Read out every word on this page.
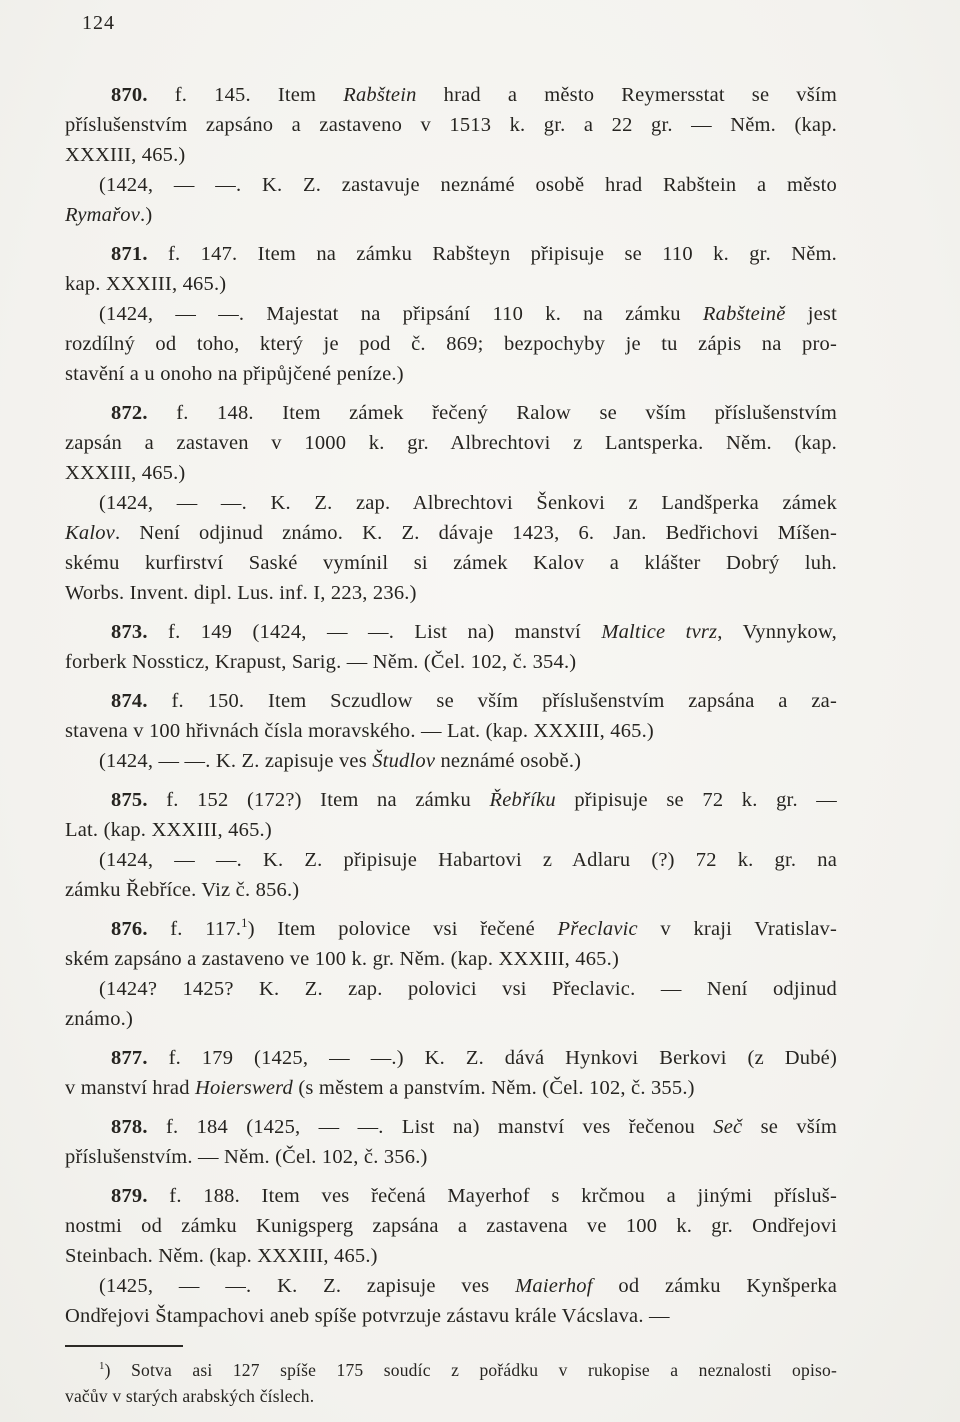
124

870. f. 145. Item Rabštein hrad a město Reymersstat se vším
příslušenstvím zapsáno a zastaveno v 1513 k. gr. a 22 gr. — Něm. (kap.
XXXIII, 465.)

(1424, — —. K. Z. zastavuje neznámé osobě hrad Rabštein a město
Rymařov.)

871. f. 147. Item na zámku Rabšteyn připisuje se 110 k. gr. Něm.
kap. XXXIII, 465.)

(1424, — —. Majestat na připsání 110 k. na zámku Rabšteině jest
rozdílný od toho, který je pod č. 869; bezpochyby je tu zápis na pro-
stavění a u onoho na připůjčené peníze.)

872. f. 148. Item zámek řečený Ralow se vším příslušenstvím
zapsán a zastaven v 1000 k. gr. Albrechtovi z Lantsperka. Něm. (kap.
XXXIII, 465.)

(1424, — —. K. Z. zap. Albrechtovi Šenkovi z Landšperka zámek
Kalov. Není odjinud známo. K. Z. dávaje 1423, 6. Jan. Bedřichovi Míšen-
skému kurfirství Saské vymínil si zámek Kalov a klášter Dobrý luh.
Worbs. Invent. dipl. Lus. inf. I, 223, 236.)

873. f. 149 (1424, — —. List na) manství Maltice tvrz, Vynnykow,
forberk Nossticz, Krapust, Sarig. — Něm. (Čel. 102, č. 354.)

874. f. 150. Item Sczudlow se vším příslušenstvím zapsána a za-
stavena v 100 hřivnách čísla moravského. — Lat. (kap. XXXIII, 465.)

(1424, — —. K. Z. zapisuje ves Študlov neznámé osobě.)

875. f. 152 (172?) Item na zámku Řebříku připisuje se 72 k. gr. —
Lat. (kap. XXXIII, 465.)

(1424, — —. K. Z. připisuje Habartovi z Adlaru (?) 72 k. gr. na
zámku Řebříce. Viz č. 856.)

876. f. 117.$^1$) Item polovice vsi řečené Přeclavic v kraji Vratislav-
ském zapsáno a zastaveno ve 100 k. gr. Něm. (kap. XXXIII, 465.)

(1424? 1425? K. Z. zap. polovici vsi Přeclavic. — Není odjinud
známo.)

877. f. 179 (1425, — —.) K. Z. dává Hynkovi Berkovi (z Dubé)
v manství hrad Hoierswerd (s městem a panstvím. Něm. (Čel. 102, č. 355.)

878. f. 184 (1425, — —. List na) manství ves řečenou Seč se vším
příslušenstvím. — Něm. (Čel. 102, č. 356.)

879. f. 188. Item ves řečená Mayerhof s krčmou a jinými přísluš-
nostmi od zámku Kunigsperg zapsána a zastavena ve 100 k. gr. Ondřejovi
Steinbach. Něm. (kap. XXXIII, 465.)

(1425, — —. K. Z. zapisuje ves Maierhof od zámku Kynšperka
Ondřejovi Štampachovi aneb spíše potvrzuje zástavu krále Vácslava. —

$^1$) Sotva asi 127 spíše 175 soudíc z pořádku v rukopise a neznalosti opiso-
vačův v starých arabských číslech.
